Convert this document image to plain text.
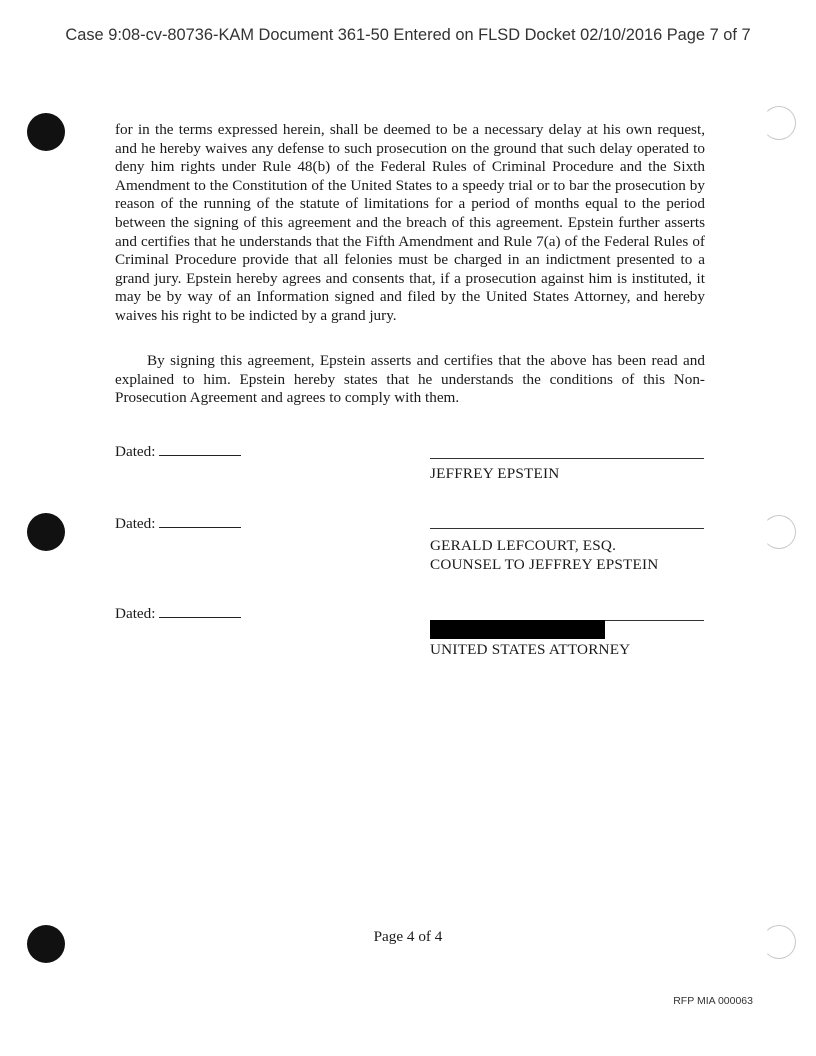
Case 9:08-cv-80736-KAM Document 361-50 Entered on FLSD Docket 02/10/2016 Page 7 of 7

for in the terms expressed herein, shall be deemed to be a necessary delay at his own request, and he hereby waives any defense to such prosecution on the ground that such delay operated to deny him rights under Rule 48(b) of the Federal Rules of Criminal Procedure and the Sixth Amendment to the Constitution of the United States to a speedy trial or to bar the prosecution by reason of the running of the statute of limitations for a period of months equal to the period between the signing of this agreement and the breach of this agreement. Epstein further asserts and certifies that he understands that the Fifth Amendment and Rule 7(a) of the Federal Rules of Criminal Procedure provide that all felonies must be charged in an indictment presented to a grand jury. Epstein hereby agrees and consents that, if a prosecution against him is instituted, it may be by way of an Information signed and filed by the United States Attorney, and hereby waives his right to be indicted by a grand jury.

By signing this agreement, Epstein asserts and certifies that the above has been read and explained to him. Epstein hereby states that he understands the conditions of this Non-Prosecution Agreement and agrees to comply with them.

Dated:
JEFFREY EPSTEIN
Dated:
GERALD LEFCOURT, ESQ.
COUNSEL TO JEFFREY EPSTEIN
Dated:
UNITED STATES ATTORNEY
Page 4 of 4
RFP MIA 000063
